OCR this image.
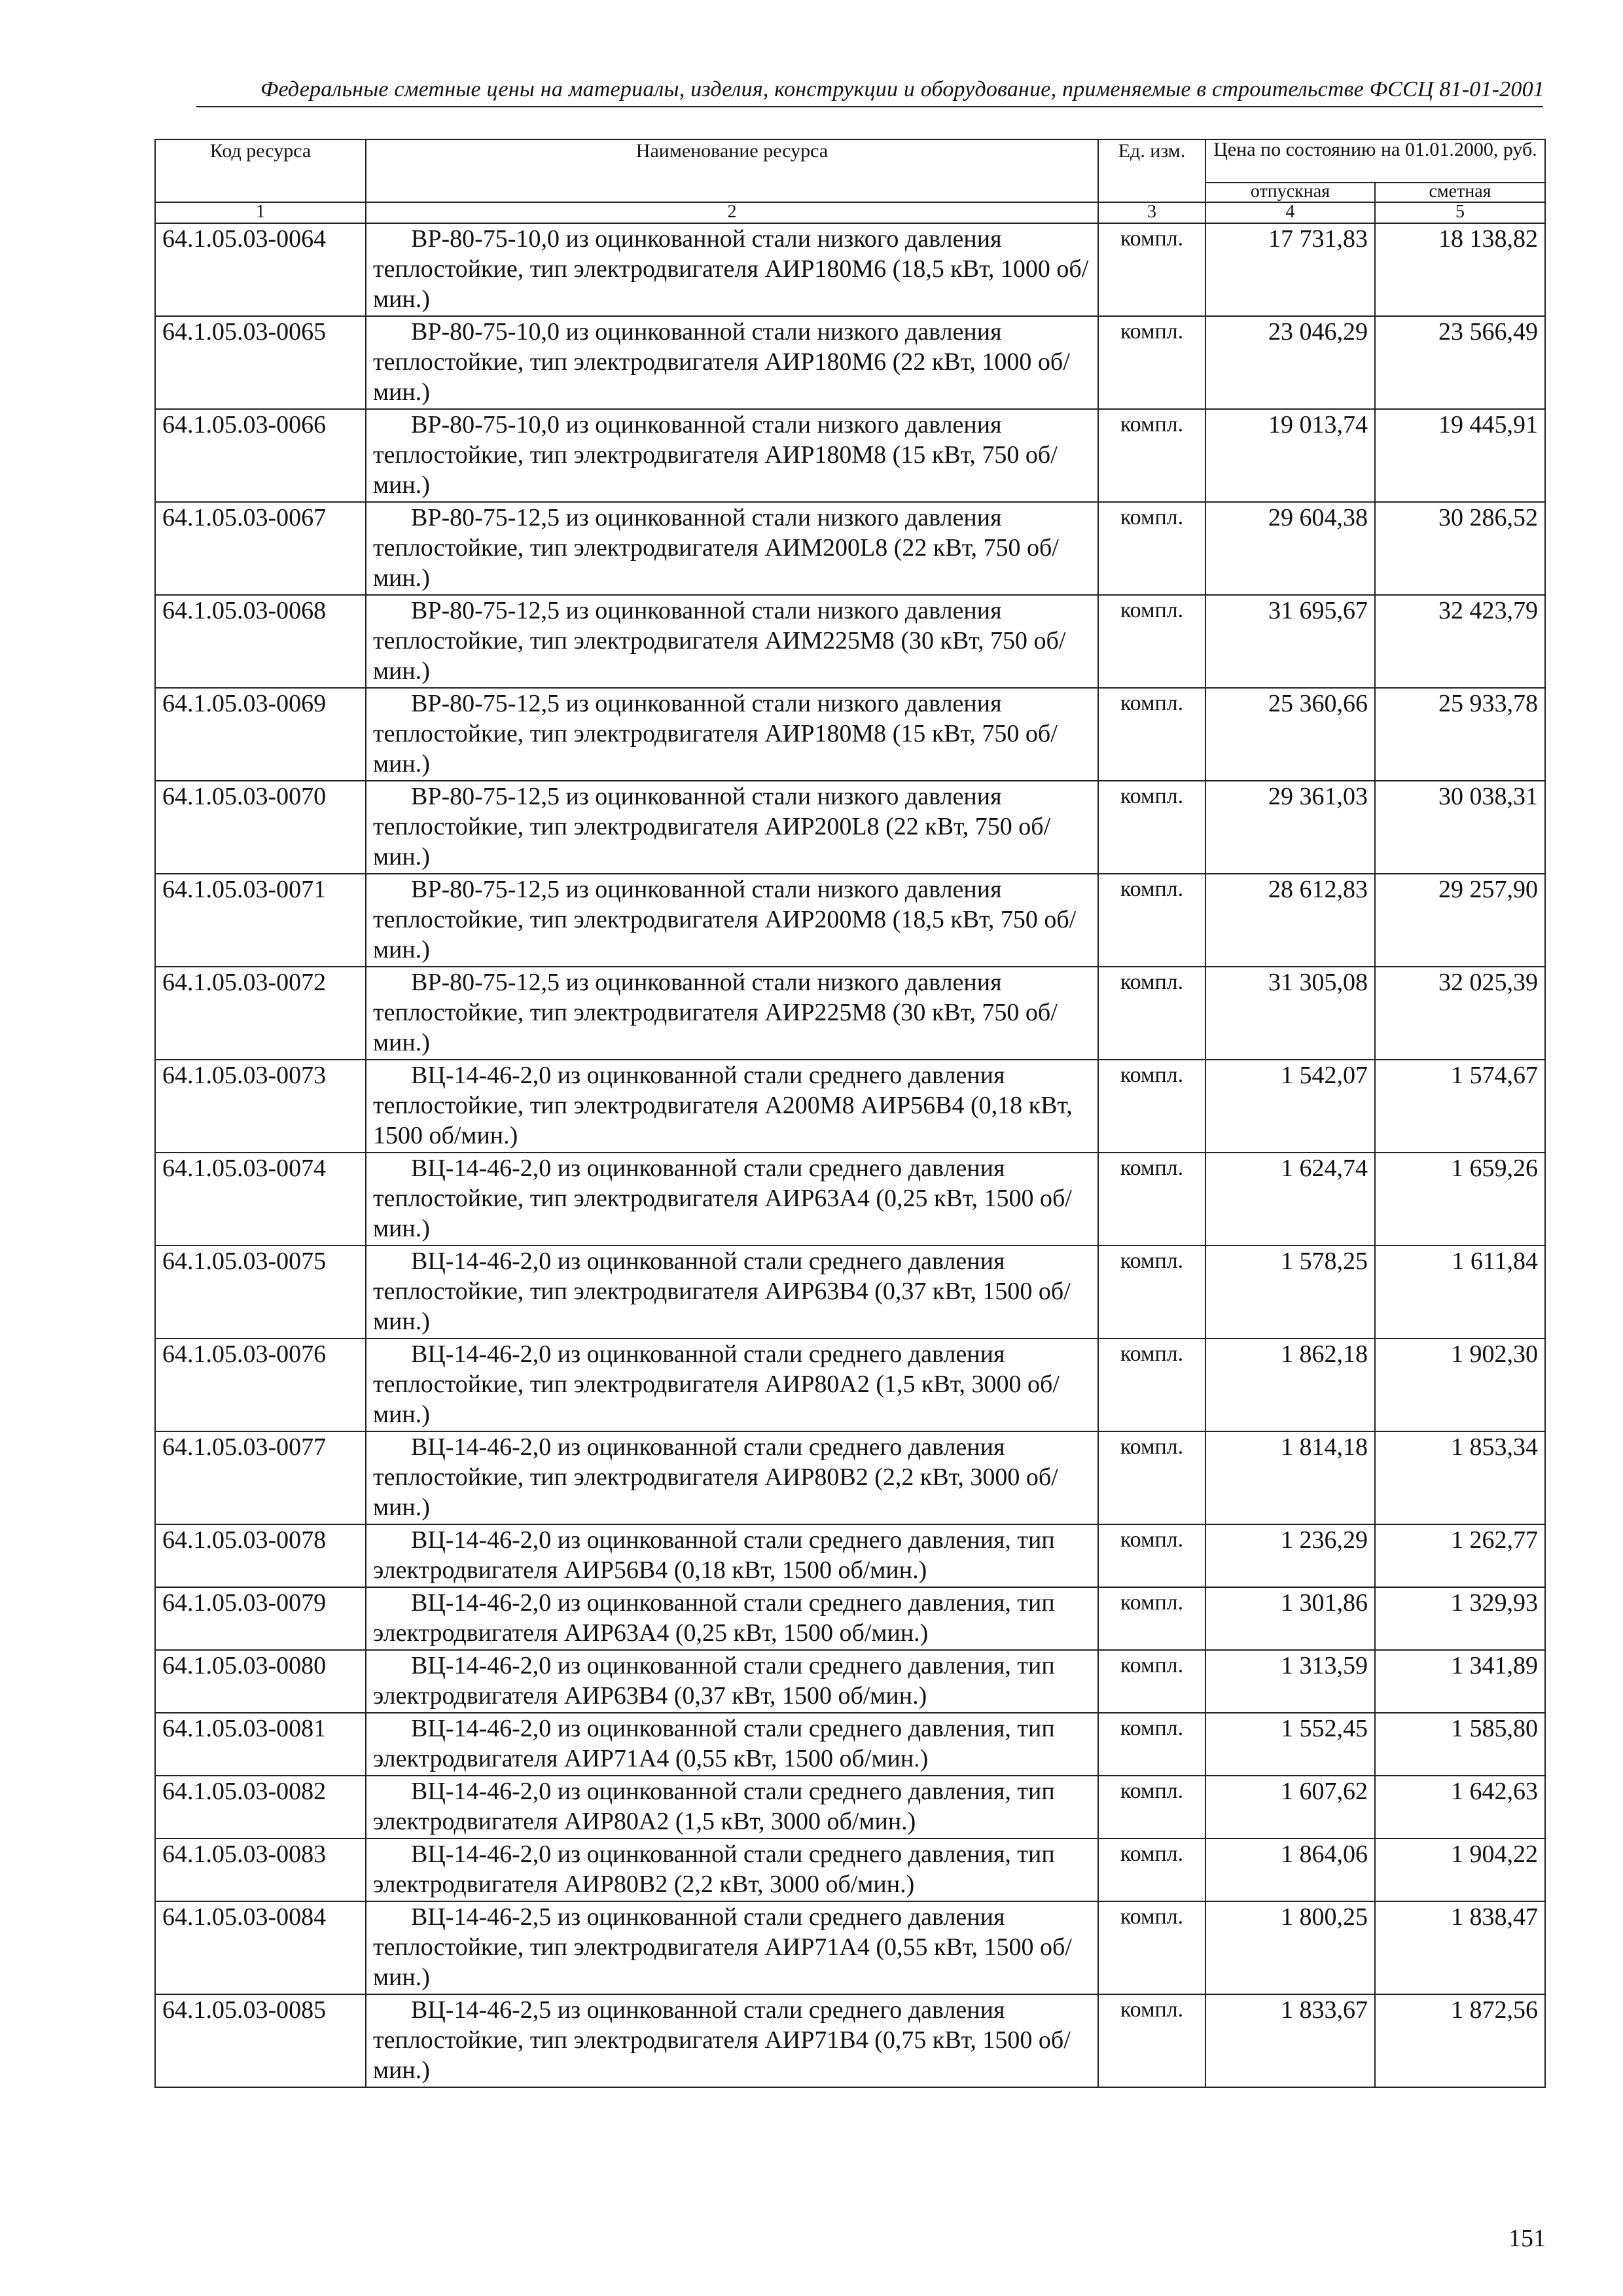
Федеральные сметные цены на материалы, изделия, конструкции и оборудование, применяемые в строительстве ФССЦ 81-01-2001
Код ресурса	Наименование ресурса	Ед. изм.	Цена по состоянию на 01.01.2000, руб.	
			отпускная	сметная
1	2	3	4	5
64.1.05.03-0064	ВР-80-75-10,0 из оцинкованной стали низкого давления теплостойкие, тип электродвигателя АИР180М6 (18,5 кВт, 1000 об/мин.)	компл.	17 731,83	18 138,82
64.1.05.03-0065	ВР-80-75-10,0 из оцинкованной стали низкого давления теплостойкие, тип электродвигателя АИР180М6 (22 кВт, 1000 об/мин.)	компл.	23 046,29	23 566,49
64.1.05.03-0066	ВР-80-75-10,0 из оцинкованной стали низкого давления теплостойкие, тип электродвигателя АИР180М8 (15 кВт, 750 об/мин.)	компл.	19 013,74	19 445,91
64.1.05.03-0067	ВР-80-75-12,5 из оцинкованной стали низкого давления теплостойкие, тип электродвигателя АИМ200L8 (22 кВт, 750 об/мин.)	компл.	29 604,38	30 286,52
64.1.05.03-0068	ВР-80-75-12,5 из оцинкованной стали низкого давления теплостойкие, тип электродвигателя АИМ225М8 (30 кВт, 750 об/мин.)	компл.	31 695,67	32 423,79
64.1.05.03-0069	ВР-80-75-12,5 из оцинкованной стали низкого давления теплостойкие, тип электродвигателя АИР180М8 (15 кВт, 750 об/мин.)	компл.	25 360,66	25 933,78
64.1.05.03-0070	ВР-80-75-12,5 из оцинкованной стали низкого давления теплостойкие, тип электродвигателя АИР200L8 (22 кВт, 750 об/мин.)	компл.	29 361,03	30 038,31
64.1.05.03-0071	ВР-80-75-12,5 из оцинкованной стали низкого давления теплостойкие, тип электродвигателя АИР200М8 (18,5 кВт, 750 об/мин.)	компл.	28 612,83	29 257,90
64.1.05.03-0072	ВР-80-75-12,5 из оцинкованной стали низкого давления теплостойкие, тип электродвигателя АИР225М8 (30 кВт, 750 об/мин.)	компл.	31 305,08	32 025,39
64.1.05.03-0073	ВЦ-14-46-2,0 из оцинкованной стали среднего давления теплостойкие, тип электродвигателя А200М8 АИР56В4 (0,18 кВт, 1500 об/мин.)	компл.	1 542,07	1 574,67
64.1.05.03-0074	ВЦ-14-46-2,0 из оцинкованной стали среднего давления теплостойкие, тип электродвигателя АИР63А4 (0,25 кВт, 1500 об/мин.)	компл.	1 624,74	1 659,26
64.1.05.03-0075	ВЦ-14-46-2,0 из оцинкованной стали среднего давления теплостойкие, тип электродвигателя АИР63В4 (0,37 кВт, 1500 об/мин.)	компл.	1 578,25	1 611,84
64.1.05.03-0076	ВЦ-14-46-2,0 из оцинкованной стали среднего давления теплостойкие, тип электродвигателя АИР80А2 (1,5 кВт, 3000 об/мин.)	компл.	1 862,18	1 902,30
64.1.05.03-0077	ВЦ-14-46-2,0 из оцинкованной стали среднего давления теплостойкие, тип электродвигателя АИР80В2 (2,2 кВт, 3000 об/мин.)	компл.	1 814,18	1 853,34
64.1.05.03-0078	ВЦ-14-46-2,0 из оцинкованной стали среднего давления, тип электродвигателя АИР56В4 (0,18 кВт, 1500 об/мин.)	компл.	1 236,29	1 262,77
64.1.05.03-0079	ВЦ-14-46-2,0 из оцинкованной стали среднего давления, тип электродвигателя АИР63А4 (0,25 кВт, 1500 об/мин.)	компл.	1 301,86	1 329,93
64.1.05.03-0080	ВЦ-14-46-2,0 из оцинкованной стали среднего давления, тип электродвигателя АИР63В4 (0,37 кВт, 1500 об/мин.)	компл.	1 313,59	1 341,89
64.1.05.03-0081	ВЦ-14-46-2,0 из оцинкованной стали среднего давления, тип электродвигателя АИР71А4 (0,55 кВт, 1500 об/мин.)	компл.	1 552,45	1 585,80
64.1.05.03-0082	ВЦ-14-46-2,0 из оцинкованной стали среднего давления, тип электродвигателя АИР80А2 (1,5 кВт, 3000 об/мин.)	компл.	1 607,62	1 642,63
64.1.05.03-0083	ВЦ-14-46-2,0 из оцинкованной стали среднего давления, тип электродвигателя АИР80В2 (2,2 кВт, 3000 об/мин.)	компл.	1 864,06	1 904,22
64.1.05.03-0084	ВЦ-14-46-2,5 из оцинкованной стали среднего давления теплостойкие, тип электродвигателя АИР71А4 (0,55 кВт, 1500 об/мин.)	компл.	1 800,25	1 838,47
64.1.05.03-0085	ВЦ-14-46-2,5 из оцинкованной стали среднего давления теплостойкие, тип электродвигателя АИР71В4 (0,75 кВт, 1500 об/мин.)	компл.	1 833,67	1 872,56
151
